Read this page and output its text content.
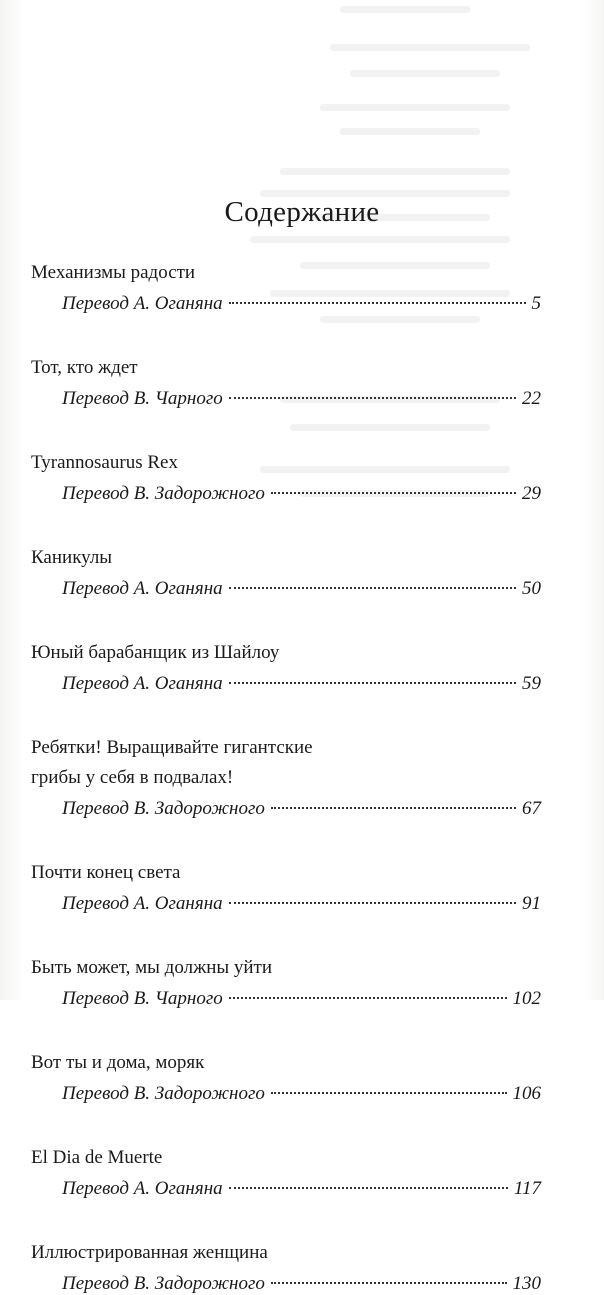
Содержание
Механизмы радости
Перевод А. Оганяна	5
Тот, кто ждет
Перевод В. Чарного	22
Tyrannosaurus Rex
Перевод В. Задорожного	29
Каникулы
Перевод А. Оганяна	50
Юный барабанщик из Шайлоу
Перевод А. Оганяна	59
Ребятки! Выращивайте гигантские
грибы у себя в подвалах!
Перевод В. Задорожного	67
Почти конец света
Перевод А. Оганяна	91
Быть может, мы должны уйти
Перевод В. Чарного	102
Вот ты и дома, моряк
Перевод В. Задорожного	106
El Dia de Muerte
Перевод А. Оганяна	117
Иллюстрированная женщина
Перевод В. Задорожного	130
